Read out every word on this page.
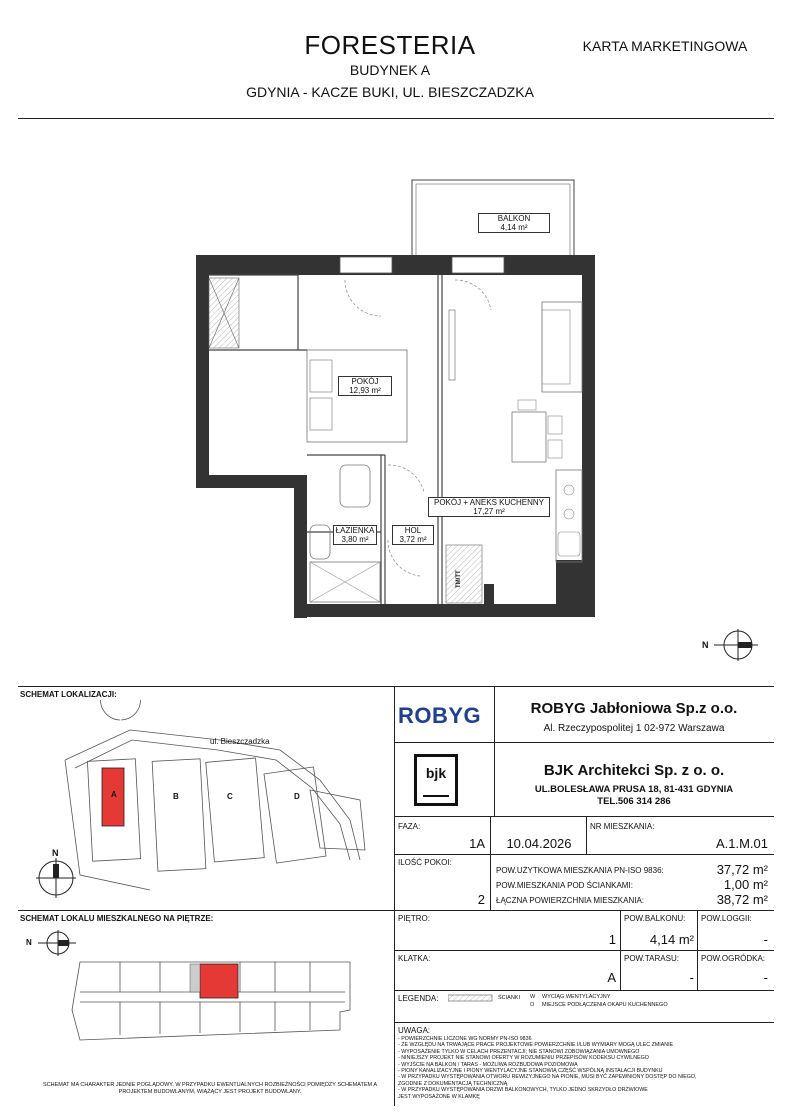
FORESTERIA
BUDYNEK A
GDYNIA - KACZE BUKI, UL. BIESZCZADZKA
KARTA MARKETINGOWA
BALKON
4,14 m²
POKÓJ
12,93 m²
POKÓJ + ANEKS KUCHENNY
17,27 m²
ŁAZIENKA
3,80 m²
HOL
3,72 m²
TM/TT
N
SCHEMAT LOKALIZACJI:
ul. Bieszczadzka
A	B	C	D
N
SCHEMAT LOKALU MIESZKALNEGO NA PIĘTRZE:
N
SCHEMAT MA CHARAKTER JEDNIE POGLĄDOWY, W PRZYPADKU EWENTUALNYCH ROZBIEŻNOŚCI POMIĘDZY SCHEMATEM A PROJEKTEM BUDOWLANYM, WIĄŻĄCY JEST PROJEKT BUDOWLANY.
ROBYG	ROBYG Jabłoniowa Sp.z o.o.
Al. Rzeczypospolitej 1 02-972 Warszawa
bjk	BJK Architekci Sp. z o. o.
UL.BOLESŁAWA PRUSA 18, 81-431 GDYNIA
TEL.506 314 286
FAZA:
1A	10.04.2026
NR MIESZKANIA:
A.1.M.01
ILOŚĆ POKOI:
2
POW.UŻYTKOWA MIESZKANIA PN-ISO 9836:	37,72 m²
POW.MIESZKANIA POD ŚCIANKAMI:	1,00 m²
ŁĄCZNA POWIERZCHNIA MIESZKANIA:	38,72 m²
PIĘTRO:
1
POW.BALKONU:
4,14 m²
POW.LOGGII:
-
KLATKA:
A
POW.TARASU:
-
POW.OGRÓDKA:
-
LEGENDA:	ŚCIANKI W WYCIĄG WENTYLACYJNY
O MIEJSCE PODŁĄCZENIA OKAPU KUCHENNEGO
UWAGA:
- POWIERZCHNIE LICZONE WG NORMY PN-ISO 9836
- ZE WZGLĘDU NA TRWAJĄCE PRACE PROJEKTOWE POWIERZCHNIE I/LUB WYMIARY MOGĄ ULEC ZMIANIE
- WYPOSAŻENIE TYLKO W CELACH PREZENTACJI; NIE STANOWI ZOBOWIĄZANIA UMOWNEGO
- NINIEJSZY PROJEKT NIE STANOWI OFERTY W ROZUMIENIU PRZEPISÓW KODEKSU CYWILNEGO
- WYJŚCIE NA BALKON / TARAS - MOŻLIWA ROZBUDOWA POZIOMOWA
- PIONY KANALIZACYJNE I PIONY WENTYLACYJNE STANOWIĄ CZĘŚĆ WSPÓLNĄ INSTALACJI BUDYNKU
- W PRZYPADKU WYSTĘPOWANIA OTWORU REWIZYJNEGO NA PIONIE, MUSI BYĆ ZAPEWNIONY DOSTĘP DO NIEGO,
ZGODNIE Z DOKUMENTACJĄ TECHNICZNĄ
- W PRZYPADKU WYSTĘPOWANIA DRZWI BALKONOWYCH, TYLKO JEDNO SKRZYDŁO DRZWIOWE
JEST WYPOSAŻONE W KLAMKĘ
